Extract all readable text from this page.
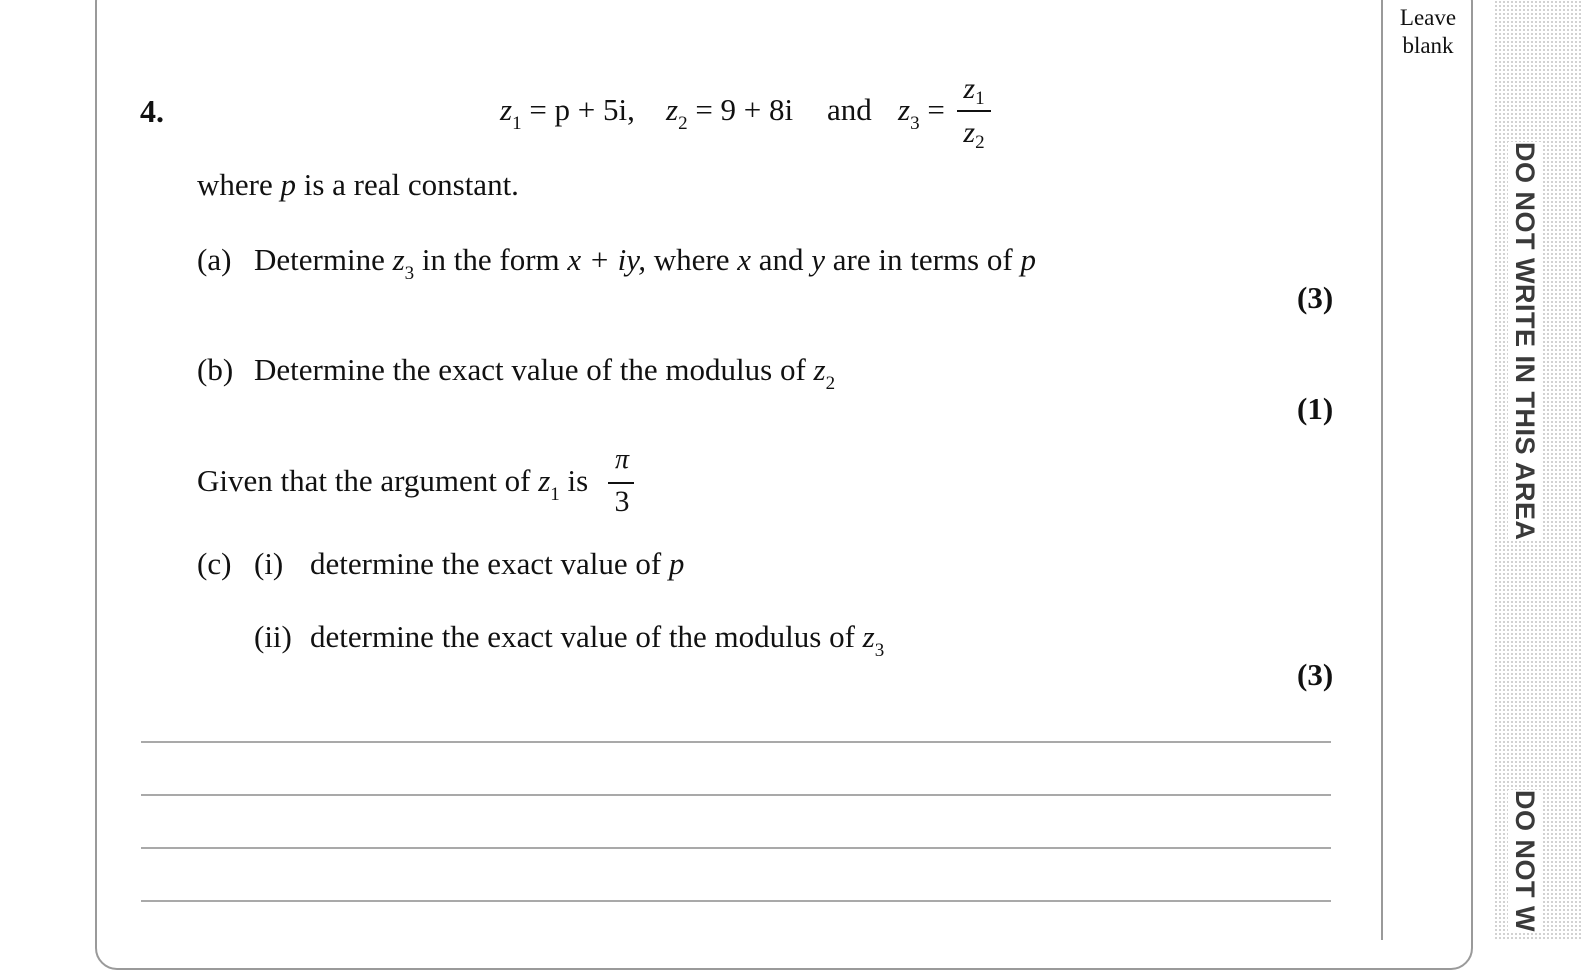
Leave
blank
DO NOT WRITE IN THIS AREA
DO NOT W
4.	$z_1 = p + 5i$, $z_2 = 9 + 8i$ and $z_3$ =
$z_1$
$z_2$
where p is a real constant.
(a) Determine $z_3$ in the form x + iy, where x and y are in terms of p
(3)
(b) Determine the exact value of the modulus of $z_2$
(1)
Given that the argument of $z_1$ is
π
3
(c) (i) determine the exact value of p
(ii) determine the exact value of the modulus of $z_3$
(3)
